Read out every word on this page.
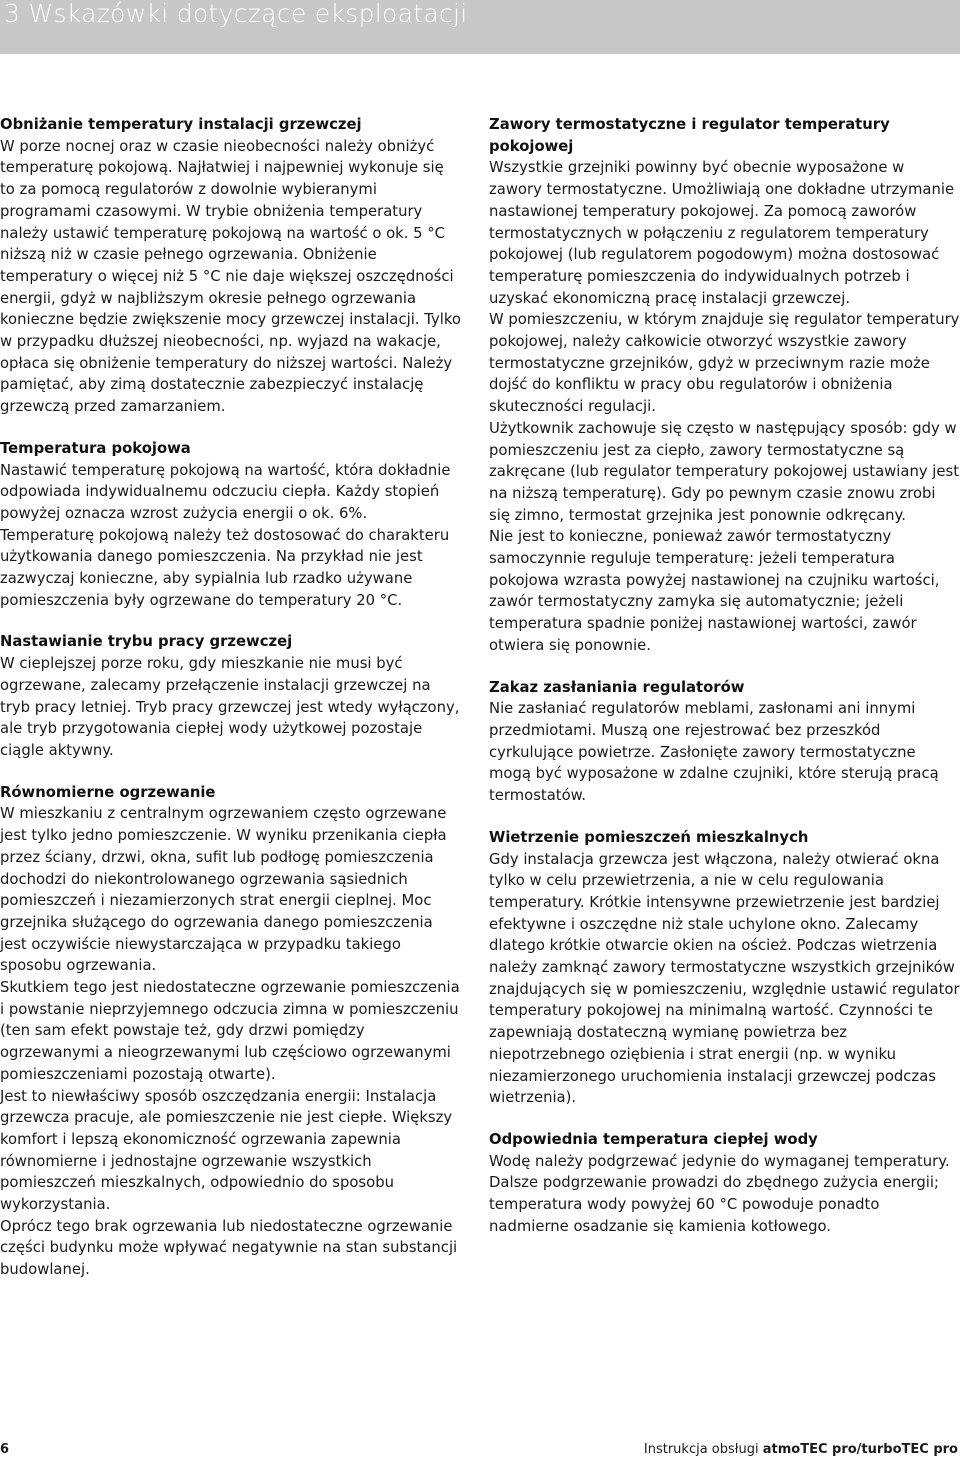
3 Wskazówki dotyczące eksploatacji
Obniżanie temperatury instalacji grzewczej

W porze nocnej oraz w czasie nieobecności należy obniżyć temperaturę pokojową. Najłatwiej i najpewniej wykonuje się to za pomocą regulatorów z dowolnie wybieranymi programami czasowymi. W trybie obniżenia temperatury należy ustawić temperaturę pokojową na wartość o ok. 5 °C niższą niż w czasie pełnego ogrzewania. Obniżenie temperatury o więcej niż 5 °C nie daje większej oszczędności energii, gdyż w najbliższym okresie pełnego ogrzewania konieczne będzie zwiększenie mocy grzewczej instalacji. Tylko w przypadku dłuższej nieobecności, np. wyjazd na wakacje, opłaca się obniżenie temperatury do niższej wartości. Należy pamiętać, aby zimą dostatecznie zabezpieczyć instalację grzewczą przed zamarzaniem.

Temperatura pokojowa

Nastawić temperaturę pokojową na wartość, która dokładnie odpowiada indywidualnemu odczuciu ciepła. Każdy stopień powyżej oznacza wzrost zużycia energii o ok. 6%.

Temperaturę pokojową należy też dostosować do charakteru użytkowania danego pomieszczenia. Na przykład nie jest zazwyczaj konieczne, aby sypialnia lub rzadko używane pomieszczenia były ogrzewane do temperatury 20 °C.

Nastawianie trybu pracy grzewczej

W cieplejszej porze roku, gdy mieszkanie nie musi być ogrzewane, zalecamy przełączenie instalacji grzewczej na tryb pracy letniej. Tryb pracy grzewczej jest wtedy wyłączony, ale tryb przygotowania ciepłej wody użytkowej pozostaje ciągle aktywny.

Równomierne ogrzewanie

W mieszkaniu z centralnym ogrzewaniem często ogrzewane jest tylko jedno pomieszczenie. W wyniku przenikania ciepła przez ściany, drzwi, okna, sufit lub podłogę pomieszczenia dochodzi do niekontrolowanego ogrzewania sąsiednich pomieszczeń i niezamierzonych strat energii cieplnej. Moc grzejnika służącego do ogrzewania danego pomieszczenia jest oczywiście niewystarczająca w przypadku takiego sposobu ogrzewania.

Skutkiem tego jest niedostateczne ogrzewanie pomieszczenia i powstanie nieprzyjemnego odczucia zimna w pomieszczeniu (ten sam efekt powstaje też, gdy drzwi pomiędzy ogrzewanymi a nieogrzewanymi lub częściowo ogrzewanymi pomieszczeniami pozostają otwarte).

Jest to niewłaściwy sposób oszczędzania energii: Instalacja grzewcza pracuje, ale pomieszczenie nie jest ciepłe. Większy komfort i lepszą ekonomiczność ogrzewania zapewnia równomierne i jednostajne ogrzewanie wszystkich pomieszczeń mieszkalnych, odpowiednio do sposobu wykorzystania.

Oprócz tego brak ogrzewania lub niedostateczne ogrzewanie części budynku może wpływać negatywnie na stan substancji budowlanej.

Zawory termostatyczne i regulator temperatury pokojowej

Wszystkie grzejniki powinny być obecnie wyposażone w zawory termostatyczne. Umożliwiają one dokładne utrzymanie nastawionej temperatury pokojowej. Za pomocą zaworów termostatycznych w połączeniu z regulatorem temperatury pokojowej (lub regulatorem pogodowym) można dostosować temperaturę pomieszczenia do indywidualnych potrzeb i uzyskać ekonomiczną pracę instalacji grzewczej.

W pomieszczeniu, w którym znajduje się regulator temperatury pokojowej, należy całkowicie otworzyć wszystkie zawory termostatyczne grzejników, gdyż w przeciwnym razie może dojść do konfliktu w pracy obu regulatorów i obniżenia skuteczności regulacji.

Użytkownik zachowuje się często w następujący sposób: gdy w pomieszczeniu jest za ciepło, zawory termostatyczne są zakręcane (lub regulator temperatury pokojowej ustawiany jest na niższą temperaturę). Gdy po pewnym czasie znowu zrobi się zimno, termostat grzejnika jest ponownie odkręcany.

Nie jest to konieczne, ponieważ zawór termostatyczny samoczynnie reguluje temperaturę: jeżeli temperatura pokojowa wzrasta powyżej nastawionej na czujniku wartości, zawór termostatyczny zamyka się automatycznie; jeżeli temperatura spadnie poniżej nastawionej wartości, zawór otwiera się ponownie.

Zakaz zasłaniania regulatorów

Nie zasłaniać regulatorów meblami, zasłonami ani innymi przedmiotami. Muszą one rejestrować bez przeszkód cyrkulujące powietrze. Zasłonięte zawory termostatyczne mogą być wyposażone w zdalne czujniki, które sterują pracą termostatów.

Wietrzenie pomieszczeń mieszkalnych

Gdy instalacja grzewcza jest włączona, należy otwierać okna tylko w celu przewietrzenia, a nie w celu regulowania temperatury. Krótkie intensywne przewietrzenie jest bardziej efektywne i oszczędne niż stale uchylone okno. Zalecamy dlatego krótkie otwarcie okien na oścież. Podczas wietrzenia należy zamknąć zawory termostatyczne wszystkich grzejników znajdujących się w pomieszczeniu, względnie ustawić regulator temperatury pokojowej na minimalną wartość. Czynności te zapewniają dostateczną wymianę powietrza bez niepotrzebnego oziębienia i strat energii (np. w wyniku niezamierzonego uruchomienia instalacji grzewczej podczas wietrzenia).

Odpowiednia temperatura ciepłej wody

Wodę należy podgrzewać jedynie do wymaganej temperatury. Dalsze podgrzewanie prowadzi do zbędnego zużycia energii; temperatura wody powyżej 60 °C powoduje ponadto nadmierne osadzanie się kamienia kotłowego.

6	Instrukcja obsługi atmoTEC pro/turboTEC pro
